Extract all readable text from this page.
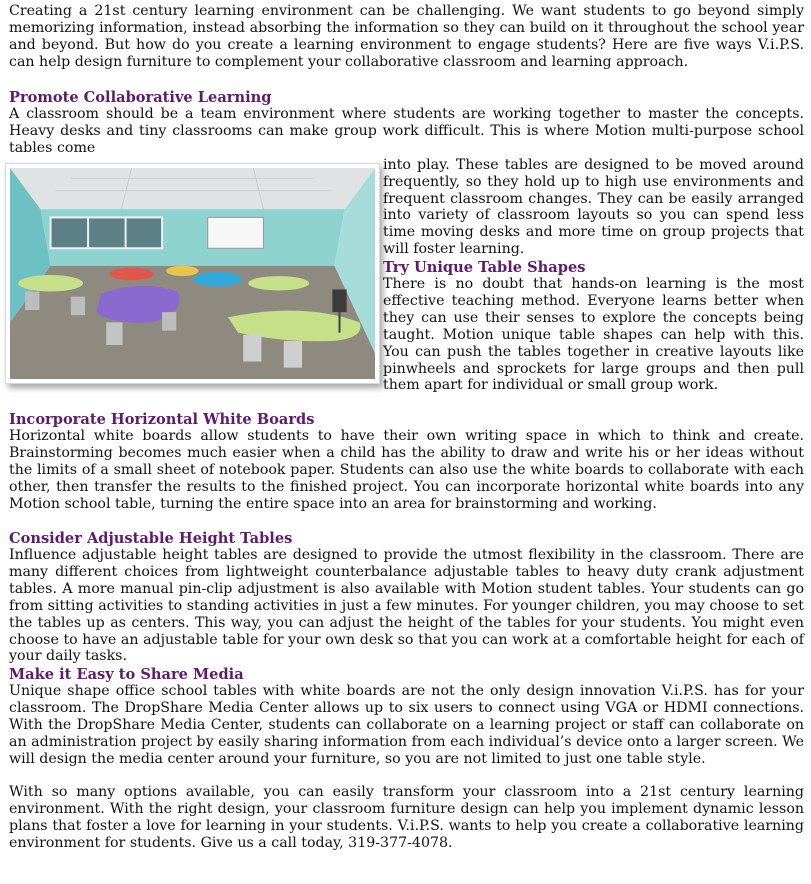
Creating a 21st century learning environment can be challenging. We want students to go beyond simply memorizing information, instead absorbing the information so they can build on it throughout the school year and beyond. But how do you create a learning environment to engage students? Here are five ways V.i.P.S. can help design furniture to complement your collaborative classroom and learning approach.

Promote Collaborative Learning

A classroom should be a team environment where students are working together to master the concepts. Heavy desks and tiny classrooms can make group work difficult. This is where Motion multi-purpose school tables come

into play. These tables are designed to be moved around frequently, so they hold up to high use environments and frequent classroom changes. They can be easily arranged into variety of classroom layouts so you can spend less time moving desks and more time on group projects that will foster learning.

Try Unique Table Shapes

There is no doubt that hands-on learning is the most effective teaching method. Everyone learns better when they can use their senses to explore the concepts being taught. Motion unique table shapes can help with this. You can push the tables together in creative layouts like pinwheels and sprockets for large groups and then pull them apart for individual or small group work.

Incorporate Horizontal White Boards

Horizontal white boards allow students to have their own writing space in which to think and create. Brainstorming becomes much easier when a child has the ability to draw and write his or her ideas without the limits of a small sheet of notebook paper. Students can also use the white boards to collaborate with each other, then transfer the results to the finished project. You can incorporate horizontal white boards into any Motion school table, turning the entire space into an area for brainstorming and working.

Consider Adjustable Height Tables

Influence adjustable height tables are designed to provide the utmost flexibility in the classroom. There are many different choices from lightweight counterbalance adjustable tables to heavy duty crank adjustment tables. A more manual pin-clip adjustment is also available with Motion student tables. Your students can go from sitting activities to standing activities in just a few minutes. For younger children, you may choose to set the tables up as centers. This way, you can adjust the height of the tables for your students. You might even choose to have an adjustable table for your own desk so that you can work at a comfortable height for each of your daily tasks.

Make it Easy to Share Media

Unique shape office school tables with white boards are not the only design innovation V.i.P.S. has for your classroom. The DropShare Media Center allows up to six users to connect using VGA or HDMI connections. With the DropShare Media Center, students can collaborate on a learning project or staff can collaborate on an administration project by easily sharing information from each individual’s device onto a larger screen. We will design the media center around your furniture, so you are not limited to just one table style.

With so many options available, you can easily transform your classroom into a 21st century learning environment. With the right design, your classroom furniture design can help you implement dynamic lesson plans that foster a love for learning in your students. V.i.P.S. wants to help you create a collaborative learning environment for students. Give us a call today, 319-377-4078.
